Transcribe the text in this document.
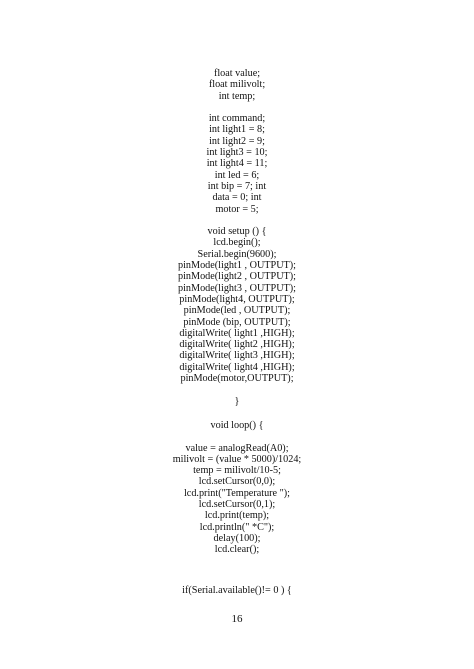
float value;
float milivolt;
int temp;
int command;
int light1 = 8;
int light2 = 9;
int light3 = 10;
int light4 = 11;
int led = 6;
int bip = 7; int
data = 0; int
motor = 5;
void setup () {
lcd.begin();
Serial.begin(9600);
pinMode(light1 , OUTPUT);
pinMode(light2 , OUTPUT);
pinMode(light3 , OUTPUT);
pinMode(light4, OUTPUT);
pinMode(led , OUTPUT);
pinMode (bip, OUTPUT);
digitalWrite( light1 ,HIGH);
digitalWrite( light2 ,HIGH);
digitalWrite( light3 ,HIGH);
digitalWrite( light4 ,HIGH);
pinMode(motor,OUTPUT);
}
void loop() {
value = analogRead(A0);
milivolt = (value * 5000)/1024;
temp = milivolt/10-5;
lcd.setCursor(0,0);
lcd.print("Temperature ");
lcd.setCursor(0,1);
lcd.print(temp);
lcd.println(" *C");
delay(100);
lcd.clear();
if(Serial.available()!= 0 ) {
16
